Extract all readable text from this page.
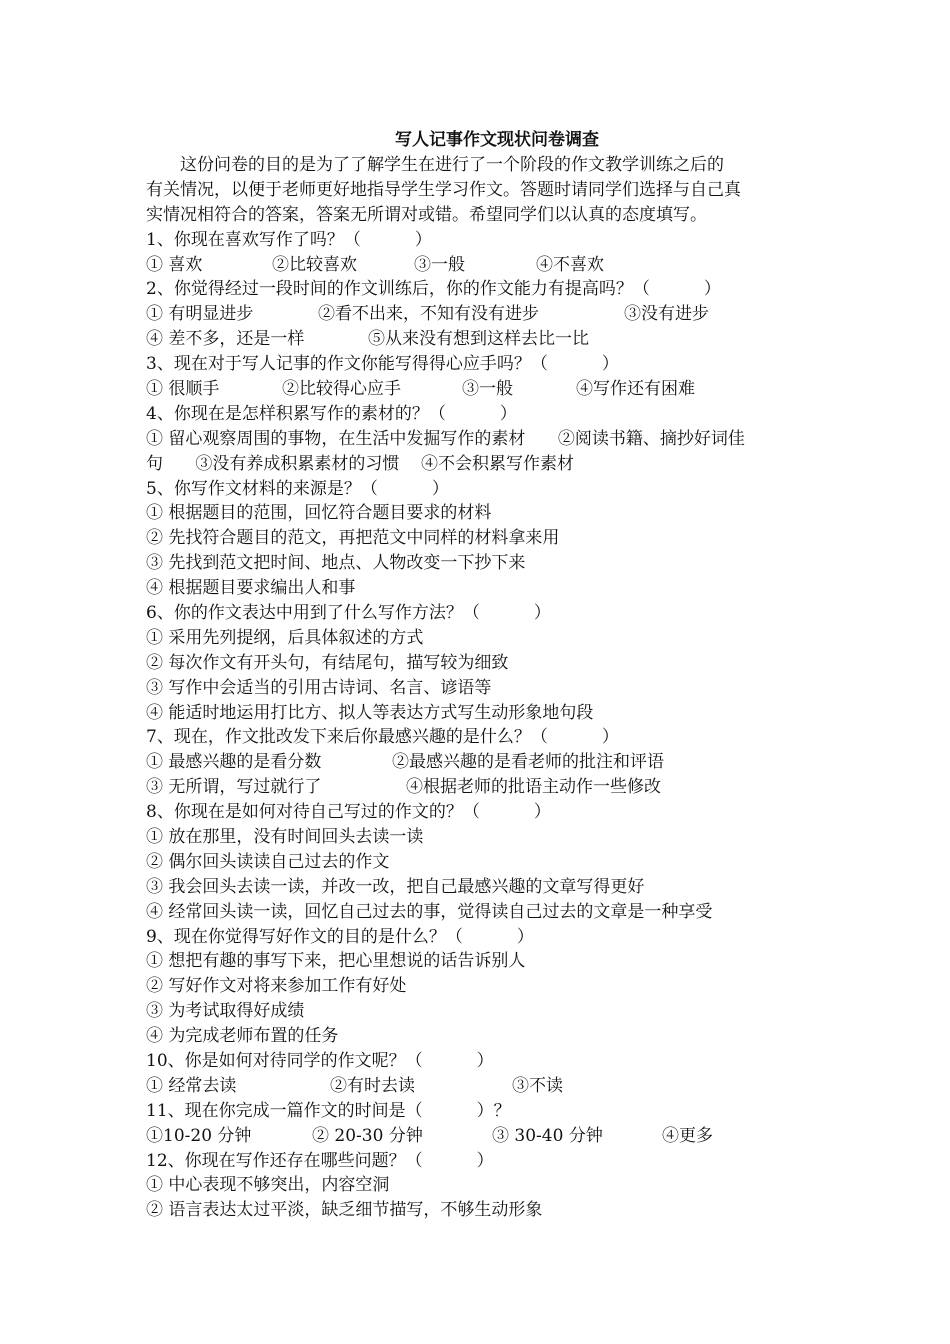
写人记事作文现状问卷调查

这份问卷的目的是为了了解学生在进行了一个阶段的作文教学训练之后的

有关情况，以便于老师更好地指导学生学习作文。答题时请同学们选择与自己真

实情况相符合的答案，答案无所谓对或错。希望同学们以认真的态度填写。

1、你现在喜欢写作了吗？（          ）
① 喜欢	②比较喜欢	③一般	④不喜欢
2、你觉得经过一段时间的作文训练后，你的作文能力有提高吗？（          ）
① 有明显进步	②看不出来，不知有没有进步	③没有进步
④ 差不多，还是一样	⑤从来没有想到这样去比一比
3、现在对于写人记事的作文你能写得得心应手吗？（          ）
① 很顺手	②比较得心应手	③一般	④写作还有困难
4、你现在是怎样积累写作的素材的？（          ）
① 留心观察周围的事物，在生活中发掘写作的素材      ②阅读书籍、摘抄好词佳
句      ③没有养成积累素材的习惯    ④不会积累写作素材
5、你写作文材料的来源是？（          ）
① 根据题目的范围，回忆符合题目要求的材料
② 先找符合题目的范文，再把范文中同样的材料拿来用
③ 先找到范文把时间、地点、人物改变一下抄下来
④ 根据题目要求编出人和事
6、你的作文表达中用到了什么写作方法？（          ）
① 采用先列提纲，后具体叙述的方式
② 每次作文有开头句，有结尾句，描写较为细致
③ 写作中会适当的引用古诗词、名言、谚语等
④ 能适时地运用打比方、拟人等表达方式写生动形象地句段
7、现在，作文批改发下来后你最感兴趣的是什么？（          ）
① 最感兴趣的是看分数	②最感兴趣的是看老师的批注和评语
③ 无所谓，写过就行了	④根据老师的批语主动作一些修改
8、你现在是如何对待自己写过的作文的？（          ）
① 放在那里，没有时间回头去读一读
② 偶尔回头读读自己过去的作文
③ 我会回头去读一读，并改一改，把自己最感兴趣的文章写得更好
④ 经常回头读一读，回忆自己过去的事，觉得读自己过去的文章是一种享受
9、现在你觉得写好作文的目的是什么？（          ）
① 想把有趣的事写下来，把心里想说的话告诉别人
② 写好作文对将来参加工作有好处
③ 为考试取得好成绩
④ 为完成老师布置的任务
10、你是如何对待同学的作文呢？（          ）
① 经常去读	②有时去读	③不读
11、现在你完成一篇作文的时间是（          ）？
①10-20 分钟	② 20-30 分钟	③ 30-40 分钟	④更多
12、你现在写作还存在哪些问题？（          ）
① 中心表现不够突出，内容空洞
② 语言表达太过平淡，缺乏细节描写，不够生动形象
